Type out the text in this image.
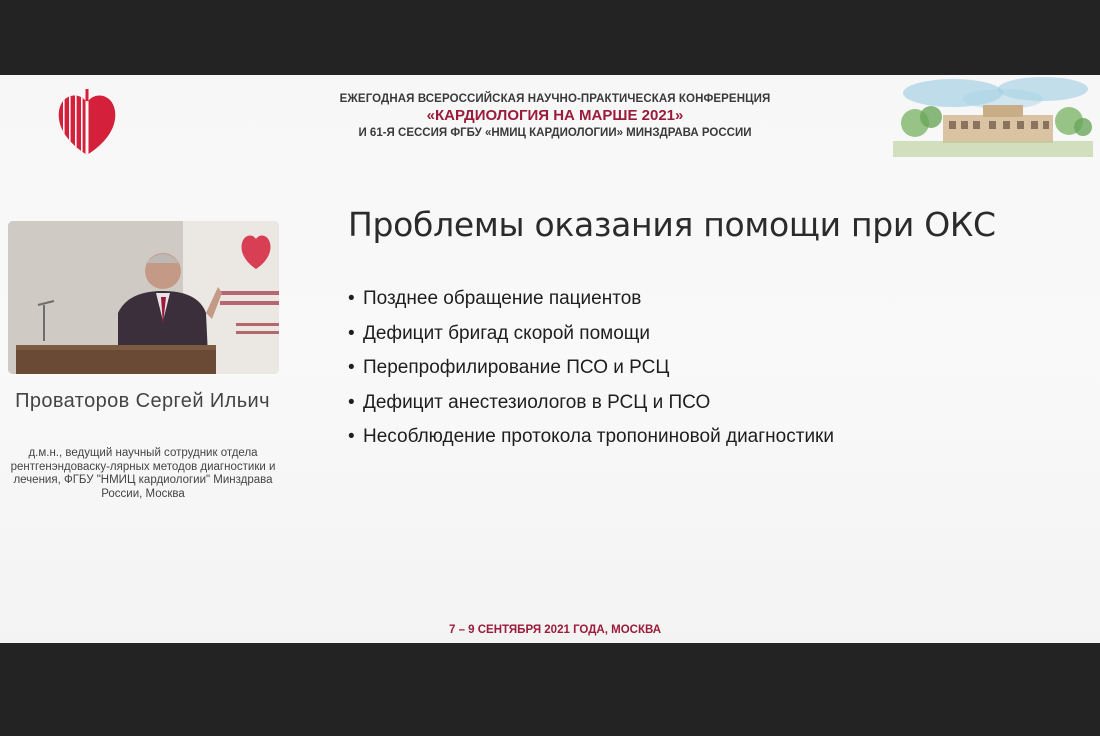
ЕЖЕГОДНАЯ ВСЕРОССИЙСКАЯ НАУЧНО-ПРАКТИЧЕСКАЯ КОНФЕРЕНЦИЯ
«КАРДИОЛОГИЯ НА МАРШЕ 2021»
И 61-Я СЕССИЯ ФГБУ «НМИЦ КАРДИОЛОГИИ» МИНЗДРАВА РОССИИ
Проваторов Сергей Ильич
д.м.н., ведущий научный сотрудник отдела рентгенэндоваску-лярных методов диагностики и лечения, ФГБУ "НМИЦ кардиологии" Минздрава России, Москва
Проблемы оказания помощи при ОКС
• Позднее обращение пациентов
• Дефицит бригад скорой помощи
• Перепрофилирование ПСО и РСЦ
• Дефицит анестезиологов в РСЦ и ПСО
• Несоблюдение протокола тропониновой диагностики
7 – 9 СЕНТЯБРЯ 2021 ГОДА, МОСКВА
